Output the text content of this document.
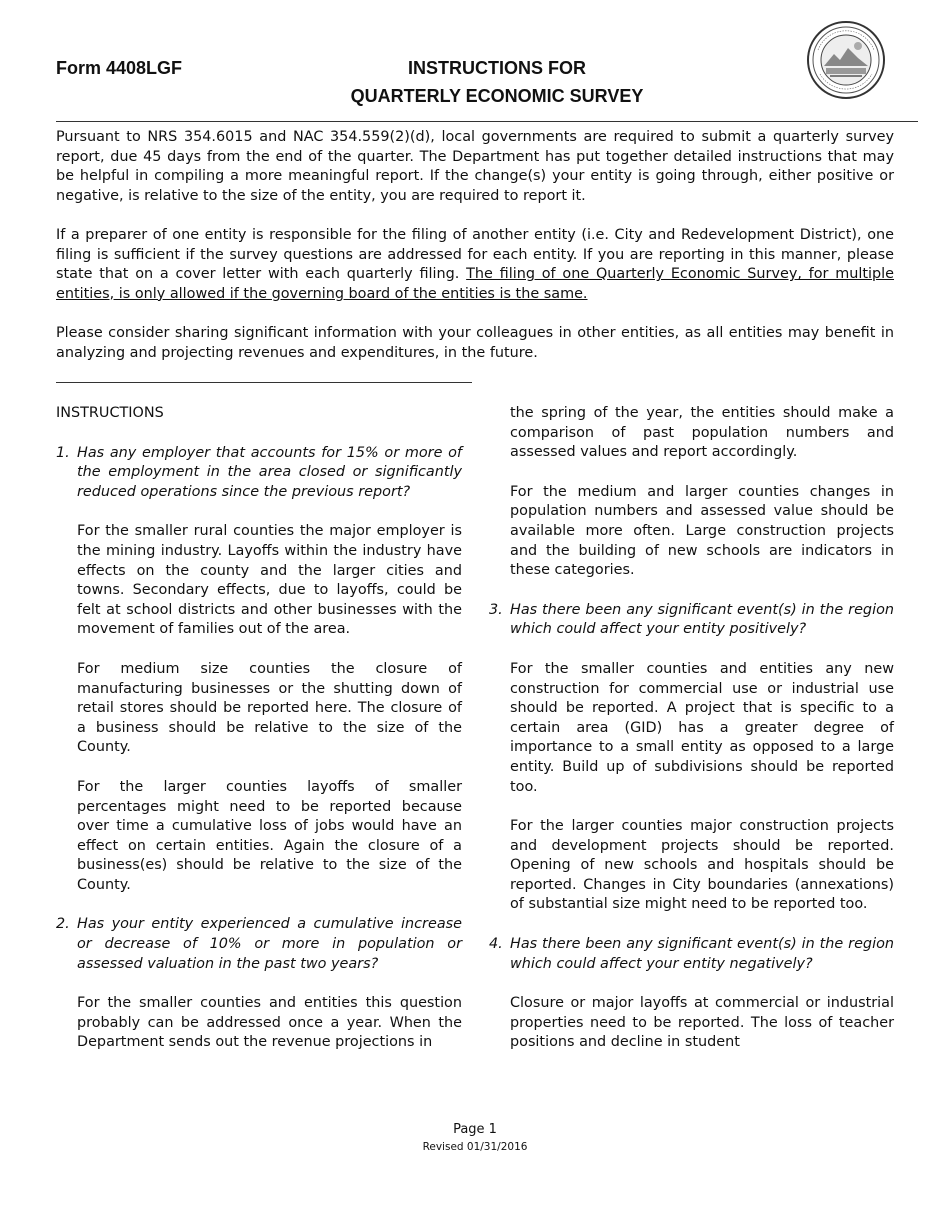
Form 4408LGF	INSTRUCTIONS FOR
QUARTERLY ECONOMIC SURVEY

Pursuant to NRS 354.6015 and NAC 354.559(2)(d), local governments are required to submit a quarterly survey report, due 45 days from the end of the quarter. The Department has put together detailed instructions that may be helpful in compiling a more meaningful report. If the change(s) your entity is going through, either positive or negative, is relative to the size of the entity, you are required to report it.

If a preparer of one entity is responsible for the filing of another entity (i.e. City and Redevelopment District), one filing is sufficient if the survey questions are addressed for each entity. If you are reporting in this manner, please state that on a cover letter with each quarterly filing. The filing of one Quarterly Economic Survey, for multiple entities, is only allowed if the governing board of the entities is the same.

Please consider sharing significant information with your colleagues in other entities, as all entities may benefit in analyzing and projecting revenues and expenditures, in the future.

INSTRUCTIONS
1. Has any employer that accounts for 15% or more of the employment in the area closed or significantly reduced operations since the previous report?

For the smaller rural counties the major employer is the mining industry. Layoffs within the industry have effects on the county and the larger cities and towns. Secondary effects, due to layoffs, could be felt at school districts and other businesses with the movement of families out of the area.

For medium size counties the closure of manufacturing businesses or the shutting down of retail stores should be reported here. The closure of a business should be relative to the size of the County.

For the larger counties layoffs of smaller percentages might need to be reported because over time a cumulative loss of jobs would have an effect on certain entities. Again the closure of a business(es) should be relative to the size of the County.

2. Has your entity experienced a cumulative increase or decrease of 10% or more in population or assessed valuation in the past two years?

For the smaller counties and entities this question probably can be addressed once a year. When the Department sends out the revenue projections in

the spring of the year, the entities should make a comparison of past population numbers and assessed values and report accordingly.

For the medium and larger counties changes in population numbers and assessed value should be available more often. Large construction projects and the building of new schools are indicators in these categories.

3. Has there been any significant event(s) in the region which could affect your entity positively?

For the smaller counties and entities any new construction for commercial use or industrial use should be reported. A project that is specific to a certain area (GID) has a greater degree of importance to a small entity as opposed to a large entity. Build up of subdivisions should be reported too.

For the larger counties major construction projects and development projects should be reported. Opening of new schools and hospitals should be reported. Changes in City boundaries (annexations) of substantial size might need to be reported too.

4. Has there been any significant event(s) in the region which could affect your entity negatively?

Closure or major layoffs at commercial or industrial properties need to be reported. The loss of teacher positions and decline in student

Page 1
Revised 01/31/2016
